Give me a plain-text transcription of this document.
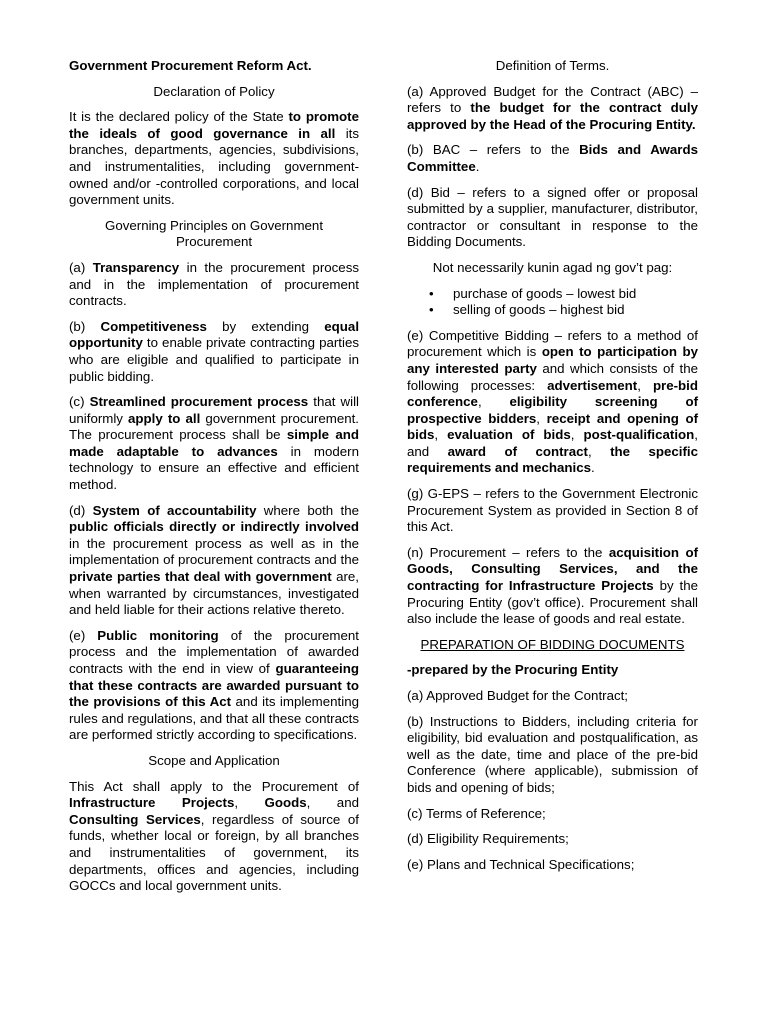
Government Procurement Reform Act.

Declaration of Policy

It is the declared policy of the State to promote the ideals of good governance in all its branches, departments, agencies, subdivisions, and instrumentalities, including government-owned and/or -controlled corporations, and local government units.

Governing Principles on Government Procurement

(a) Transparency in the procurement process and in the implementation of procurement contracts.

(b) Competitiveness by extending equal opportunity to enable private contracting parties who are eligible and qualified to participate in public bidding.

(c) Streamlined procurement process that will uniformly apply to all government procurement. The procurement process shall be simple and made adaptable to advances in modern technology to ensure an effective and efficient method.

(d) System of accountability where both the public officials directly or indirectly involved in the procurement process as well as in the implementation of procurement contracts and the private parties that deal with government are, when warranted by circumstances, investigated and held liable for their actions relative thereto.

(e) Public monitoring of the procurement process and the implementation of awarded contracts with the end in view of guaranteeing that these contracts are awarded pursuant to the provisions of this Act and its implementing rules and regulations, and that all these contracts are performed strictly according to specifications.

Scope and Application

This Act shall apply to the Procurement of Infrastructure Projects, Goods, and Consulting Services, regardless of source of funds, whether local or foreign, by all branches and instrumentalities of government, its departments, offices and agencies, including GOCCs and local government units.

Definition of Terms.

(a) Approved Budget for the Contract (ABC) – refers to the budget for the contract duly approved by the Head of the Procuring Entity.

(b) BAC – refers to the Bids and Awards Committee.

(d) Bid – refers to a signed offer or proposal submitted by a supplier, manufacturer, distributor, contractor or consultant in response to the Bidding Documents.

Not necessarily kunin agad ng gov’t pag:

• purchase of goods – lowest bid
• selling of goods – highest bid

(e) Competitive Bidding – refers to a method of procurement which is open to participation by any interested party and which consists of the following processes: advertisement, pre-bid conference, eligibility screening of prospective bidders, receipt and opening of bids, evaluation of bids, post-qualification, and award of contract, the specific requirements and mechanics.

(g) G-EPS – refers to the Government Electronic Procurement System as provided in Section 8 of this Act.

(n) Procurement – refers to the acquisition of Goods, Consulting Services, and the contracting for Infrastructure Projects by the Procuring Entity (gov’t office). Procurement shall also include the lease of goods and real estate.

PREPARATION OF BIDDING DOCUMENTS

-prepared by the Procuring Entity

(a) Approved Budget for the Contract;

(b) Instructions to Bidders, including criteria for eligibility, bid evaluation and postqualification, as well as the date, time and place of the pre-bid Conference (where applicable), submission of bids and opening of bids;

(c) Terms of Reference;

(d) Eligibility Requirements;

(e) Plans and Technical Specifications;
